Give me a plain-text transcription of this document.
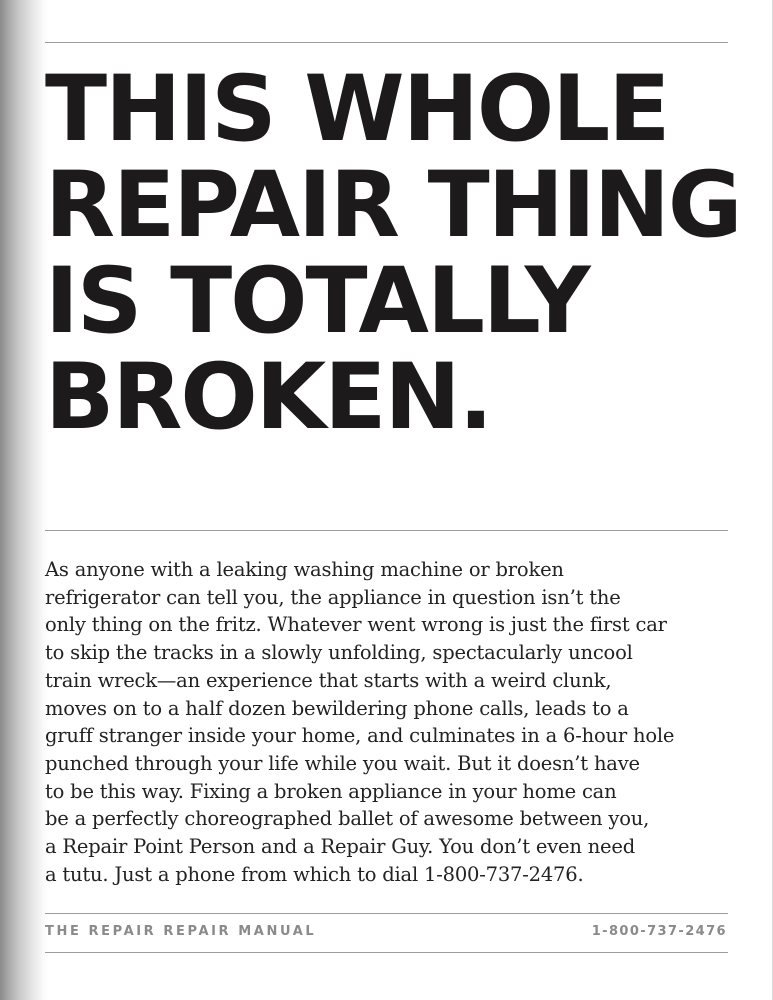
THIS WHOLE
REPAIR THING
IS TOTALLY
BROKEN.
As anyone with a leaking washing machine or broken
refrigerator can tell you, the appliance in question isn’t the
only thing on the fritz. Whatever went wrong is just the first car
to skip the tracks in a slowly unfolding, spectacularly uncool
train wreck—an experience that starts with a weird clunk,
moves on to a half dozen bewildering phone calls, leads to a
gruff stranger inside your home, and culminates in a 6-hour hole
punched through your life while you wait. But it doesn’t have
to be this way. Fixing a broken appliance in your home can
be a perfectly choreographed ballet of awesome between you,
a Repair Point Person and a Repair Guy. You don’t even need
a tutu. Just a phone from which to dial 1-800-737-2476.
THE REPAIR REPAIR MANUAL	1-800-737-2476
